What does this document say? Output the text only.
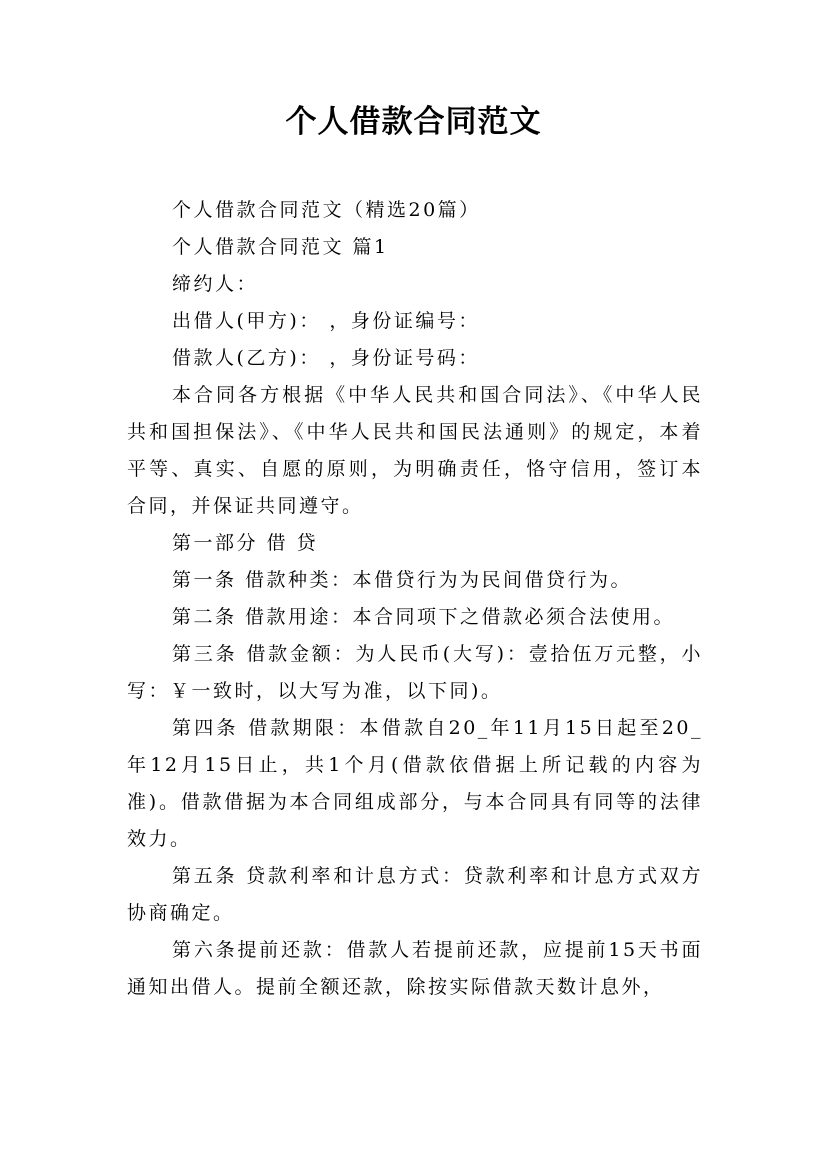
个人借款合同范文

个人借款合同范文（精选20篇）

个人借款合同范文 篇1

缔约人：

出借人(甲方)： ，身份证编号：

借款人(乙方)： ，身份证号码：

本合同各方根据《中华人民共和国合同法》、《中华人民共和国担保法》、《中华人民共和国民法通则》的规定，本着平等、真实、自愿的原则，为明确责任，恪守信用，签订本合同，并保证共同遵守。

第一部分 借 贷

第一条 借款种类：本借贷行为为民间借贷行为。

第二条 借款用途：本合同项下之借款必须合法使用。

第三条 借款金额：为人民币(大写)：壹拾伍万元整，小写：￥一致时，以大写为准，以下同)。

第四条 借款期限：本借款自20_年11月15日起至20_年12月15日止，共1个月(借款依借据上所记载的内容为准)。借款借据为本合同组成部分，与本合同具有同等的法律效力。

第五条 贷款利率和计息方式：贷款利率和计息方式双方协商确定。

第六条提前还款：借款人若提前还款，应提前15天书面通知出借人。提前全额还款，除按实际借款天数计息外，
